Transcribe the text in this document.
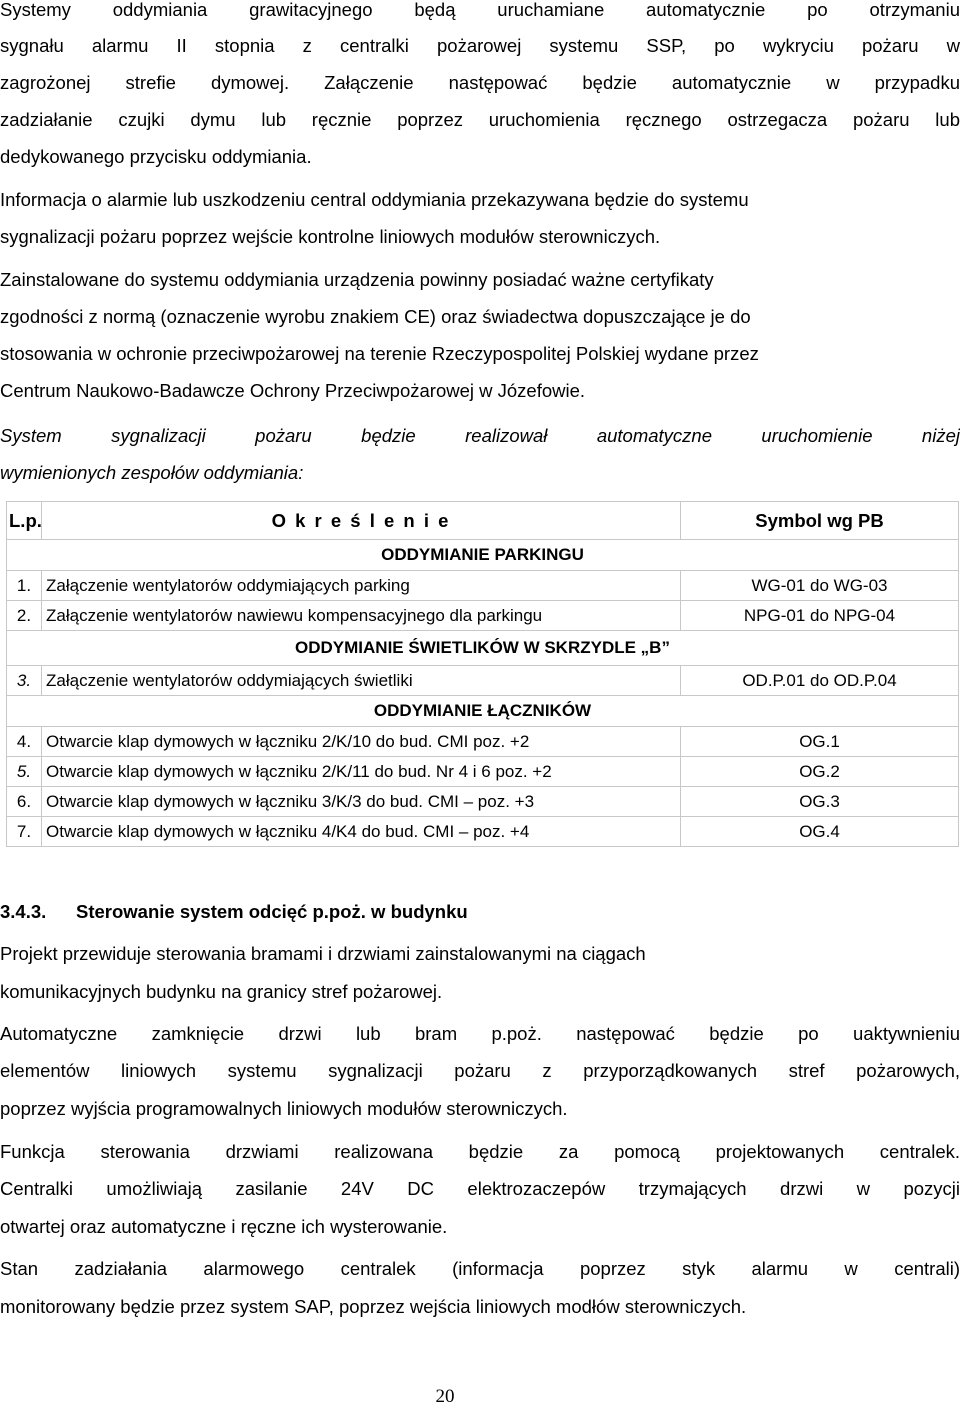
Systemy oddymiania grawitacyjnego będą uruchamiane automatycznie po otrzymaniu
sygnału alarmu II stopnia z centralki pożarowej systemu SSP, po wykryciu pożaru w
zagrożonej strefie dymowej. Załączenie następować będzie automatycznie w przypadku
zadziałanie czujki dymu lub ręcznie poprzez uruchomienia ręcznego ostrzegacza pożaru lub
dedykowanego przycisku oddymiania.
Informacja o alarmie lub uszkodzeniu central oddymiania przekazywana będzie do systemu
sygnalizacji pożaru poprzez wejście kontrolne liniowych modułów sterowniczych.
Zainstalowane do systemu oddymiania urządzenia powinny posiadać ważne certyfikaty
zgodności z normą (oznaczenie wyrobu znakiem CE) oraz świadectwa dopuszczające je do
stosowania w ochronie przeciwpożarowej na terenie Rzeczypospolitej Polskiej wydane przez
Centrum Naukowo-Badawcze Ochrony Przeciwpożarowej w Józefowie.
System sygnalizacji pożaru będzie realizował automatyczne uruchomienie niżej
wymienionych zespołów oddymiania:
L.p.	O k r e ś l e n i e	Symbol wg PB
ODDYMIANIE PARKINGU		
1.	Załączenie wentylatorów oddymiających parking	WG-01 do WG-03
2.	Załączenie wentylatorów nawiewu kompensacyjnego dla parkingu	NPG-01 do NPG-04
ODDYMIANIE ŚWIETLIKÓW W SKRZYDLE „B”		
3.	Załączenie wentylatorów oddymiających świetliki	OD.P.01 do OD.P.04
ODDYMIANIE ŁĄCZNIKÓW		
4.	Otwarcie klap dymowych w łączniku 2/K/10 do bud. CMI poz. +2	OG.1
5.	Otwarcie klap dymowych w łączniku 2/K/11 do bud. Nr 4 i 6 poz. +2	OG.2
6.	Otwarcie klap dymowych w łączniku 3/K/3 do bud. CMI – poz. +3	OG.3
7.	Otwarcie klap dymowych w łączniku 4/K4 do bud. CMI – poz. +4	OG.4
3.4.3. Sterowanie system odcięć p.poż. w budynku
Projekt przewiduje sterowania bramami i drzwiami zainstalowanymi na ciągach
komunikacyjnych budynku na granicy stref pożarowej.
Automatyczne zamknięcie drzwi lub bram p.poż. następować będzie po uaktywnieniu
elementów liniowych systemu sygnalizacji pożaru z przyporządkowanych stref pożarowych,
poprzez wyjścia programowalnych liniowych modułów sterowniczych.
Funkcja sterowania drzwiami realizowana będzie za pomocą projektowanych centralek.
Centralki umożliwiają zasilanie 24V DC elektrozaczepów trzymających drzwi w pozycji
otwartej oraz automatyczne i ręczne ich wysterowanie.
Stan zadziałania alarmowego centralek (informacja poprzez styk alarmu w centrali)
monitorowany będzie przez system SAP, poprzez wejścia liniowych modłów sterowniczych.
20
